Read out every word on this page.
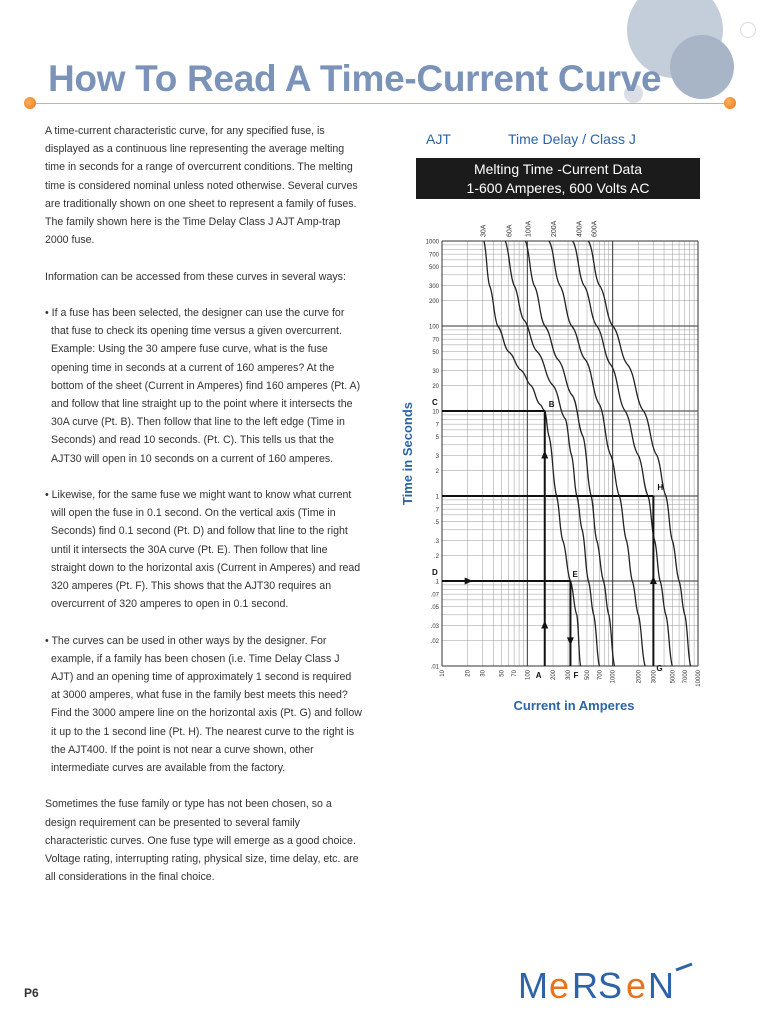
How To Read A Time-Current Curve

A time-current characteristic curve, for any specified fuse, is displayed as a continuous line representing the average melting time in seconds for a range of overcurrent conditions. The melting time is considered nominal unless noted otherwise. Several curves are traditionally shown on one sheet to represent a family of fuses. The family shown here is the Time Delay Class J AJT Amp-trap 2000 fuse.

Information can be accessed from these curves in several ways:

• If a fuse has been selected, the designer can use the curve for that fuse to check its opening time versus a given overcurrent. Example: Using the 30 ampere fuse curve, what is the fuse opening time in seconds at a current of 160 amperes? At the bottom of the sheet (Current in Amperes) find 160 amperes (Pt. A) and follow that line straight up to the point where it intersects the 30A curve (Pt. B). Then follow that line to the left edge (Time in Seconds) and read 10 seconds. (Pt. C). This tells us that the AJT30 will open in 10 seconds on a current of 160 amperes.

• Likewise, for the same fuse we might want to know what current will open the fuse in 0.1 second. On the vertical axis (Time in Seconds) find 0.1 second (Pt. D) and follow that line to the right until it intersects the 30A curve (Pt. E). Then follow that line straight down to the horizontal axis (Current in Amperes) and read 320 amperes (Pt. F). This shows that the AJT30 requires an overcurrent of 320 amperes to open in 0.1 second.

• The curves can be used in other ways by the designer. For example, if a family has been chosen (i.e. Time Delay Class J AJT) and an opening time of approximately 1 second is required at 3000 amperes, what fuse in the family best meets this need? Find the 3000 ampere line on the horizontal axis (Pt. G) and follow it up to the 1 second line (Pt. H). The nearest curve to the right is the AJT400. If the point is not near a curve shown, other intermediate curves are available from the factory.

Sometimes the fuse family or type has not been chosen, so a design requirement can be presented to several family characteristic curves. One fuse type will emerge as a good choice. Voltage rating, interrupting rating, physical size, time delay, etc. are all considerations in the final choice.

AJT	Time Delay / Class J
Melting Time -Current Data
1-600 Amperes, 600 Volts AC
1000
700
500
300
200
100
70
50
30
20
10
7
5
3
2
1
.7
.5
.3
.2
.1
.07
.05
.03
.02
.01
10	20 30 50 70 100	200 300 500 700 1000	2000 3000 5000 7000 10000
30A	60A 100A	200A	400A 600A
B
C
D	E
H
A	F
G
Time in Seconds
Current in Amperes
P6	M e RS e N
